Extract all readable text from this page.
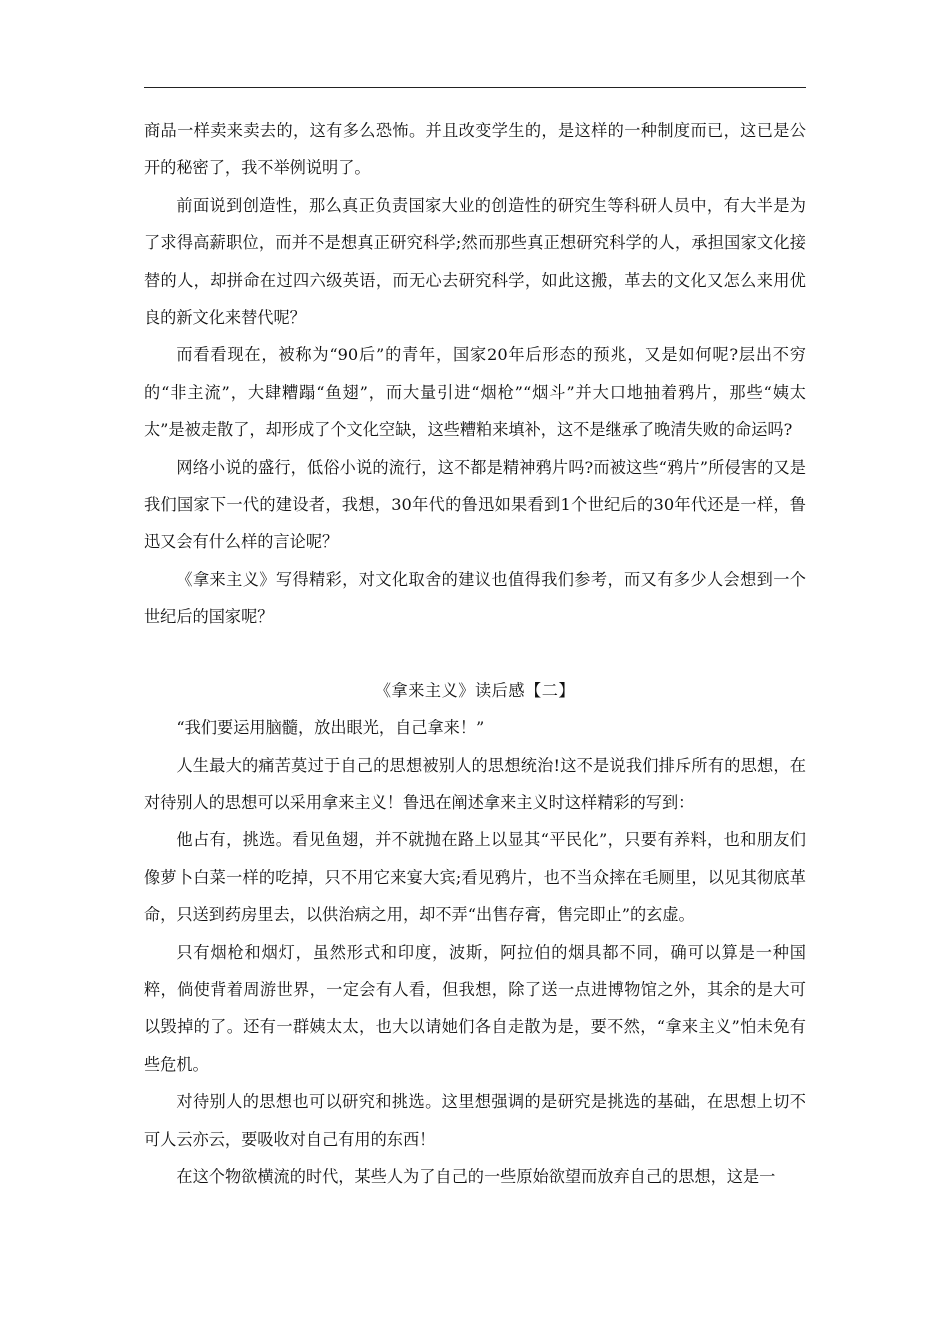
商品一样卖来卖去的，这有多么恐怖。并且改变学生的，是这样的一种制度而已，这已是公开的秘密了，我不举例说明了。

前面说到创造性，那么真正负责国家大业的创造性的研究生等科研人员中，有大半是为了求得高薪职位，而并不是想真正研究科学;然而那些真正想研究科学的人，承担国家文化接替的人，却拼命在过四六级英语，而无心去研究科学，如此这搬，革去的文化又怎么来用优良的新文化来替代呢？

而看看现在，被称为“90后”的青年，国家20年后形态的预兆，又是如何呢?层出不穷的“非主流”，大肆糟蹋“鱼翅”，而大量引进“烟枪”“烟斗”并大口地抽着鸦片，那些“姨太太”是被走散了，却形成了个文化空缺，这些糟粕来填补，这不是继承了晚清失败的命运吗?

网络小说的盛行，低俗小说的流行，这不都是精神鸦片吗?而被这些“鸦片”所侵害的又是我们国家下一代的建设者，我想，30年代的鲁迅如果看到1个世纪后的30年代还是一样，鲁迅又会有什么样的言论呢？

《拿来主义》写得精彩，对文化取舍的建议也值得我们参考，而又有多少人会想到一个世纪后的国家呢？

《拿来主义》读后感【二】

“我们要运用脑髓，放出眼光，自己拿来！”

人生最大的痛苦莫过于自己的思想被别人的思想统治!这不是说我们排斥所有的思想，在对待别人的思想可以采用拿来主义！鲁迅在阐述拿来主义时这样精彩的写到：

他占有，挑选。看见鱼翅，并不就抛在路上以显其“平民化”，只要有养料，也和朋友们像萝卜白菜一样的吃掉，只不用它来宴大宾;看见鸦片，也不当众摔在毛厕里，以见其彻底革命，只送到药房里去，以供治病之用，却不弄“出售存膏，售完即止”的玄虚。

只有烟枪和烟灯，虽然形式和印度，波斯，阿拉伯的烟具都不同，确可以算是一种国粹，倘使背着周游世界，一定会有人看，但我想，除了送一点进博物馆之外，其余的是大可以毁掉的了。还有一群姨太太，也大以请她们各自走散为是，要不然，“拿来主义”怕未免有些危机。

对待别人的思想也可以研究和挑选。这里想强调的是研究是挑选的基础，在思想上切不可人云亦云，要吸收对自己有用的东西！

在这个物欲横流的时代，某些人为了自己的一些原始欲望而放弃自己的思想，这是一
